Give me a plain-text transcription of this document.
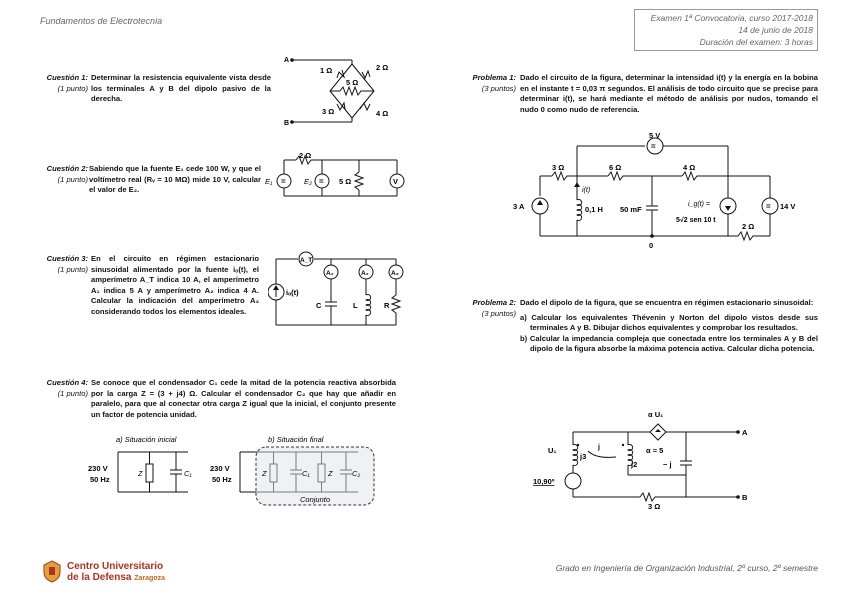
Fundamentos de Electrotecnia	Examen 1ª Convocatoria, curso 2017-2018
14 de junio de 2018
Duración del examen: 3 horas
Cuestión 1:
(1 punto)
Determinar la resistencia equivalente vista desde los terminales A y B del dipolo pasivo de la derecha.
Cuestión 2:
(1 punto)
Sabiendo que la fuente E₁ cede 100 W, y que el voltímetro real (Rᵥ = 10 MΩ) mide 10 V, calcular el valor de E₂.
Cuestión 3:
(1 punto)
En el circuito en régimen estacionario sinusoidal alimentado por la fuente iₒ(t), el amperímetro A_T indica 10 A, el amperímetro A₁ indica 5 A y amperímetro A₂ indica 4 A. Calcular la indicación del amperímetro A₃ considerando todos los elementos ideales.
Cuestión 4:
(1 punto)
Se conoce que el condensador C₁ cede la mitad de la potencia reactiva absorbida por la carga Z = (3 + j4) Ω. Calcular el condensador C₂ que hay que añadir en paralelo, para que al conectar otra carga Z igual que la inicial, el conjunto presente un factor de potencia unidad.
Problema 1:
(3 puntos)
Dado el circuito de la figura, determinar la intensidad i(t) y la energía en la bobina en el instante t = 0,03 π segundos. El análisis de todo circuito que se precise para determinar i(t), se hará mediante el método de análisis por nudos, tomando el nudo 0 como nudo de referencia.
Problema 2:
(3 puntos)
Dado el dipolo de la figura, que se encuentra en régimen estacionario sinusoidal:
a) Calcular los equivalentes Thévenin y Norton del dipolo vistos desde sus terminales A y B. Dibujar dichos equivalentes y comprobar los resultados.
b) Calcular la impedancia compleja que conectada entre los terminales A y B del dipolo de la figura absorbe la máxima potencia activa. Calcular dicha potencia.
A
B
1 Ω	2 Ω
5 Ω
3 Ω	4 Ω
=	=
2 Ω
E₁	E₂	5 Ω	V
A_T
A₁	A₂	A₃
iₒ(t)
C	L	R
a) Situación inicial	b) Situación final
230 V
50 Hz
Z	C₁
230 V
50 Hz
Z	C₁ Z	C₂
Conjunto
=
=
5 V
3 Ω	6 Ω	4 Ω
3 A
i(t)
0,1 H 50 mF
i_g(t) =
5√2 sen 10 t
14 V
2 Ω
0
α U₁
U₁	j
j3
α = 5
j2	− j
10,90º
3 Ω
A
B
Centro Universitario
de la Defensa Zaragoza
Grado en Ingeniería de Organización Industrial, 2º curso, 2º semestre
